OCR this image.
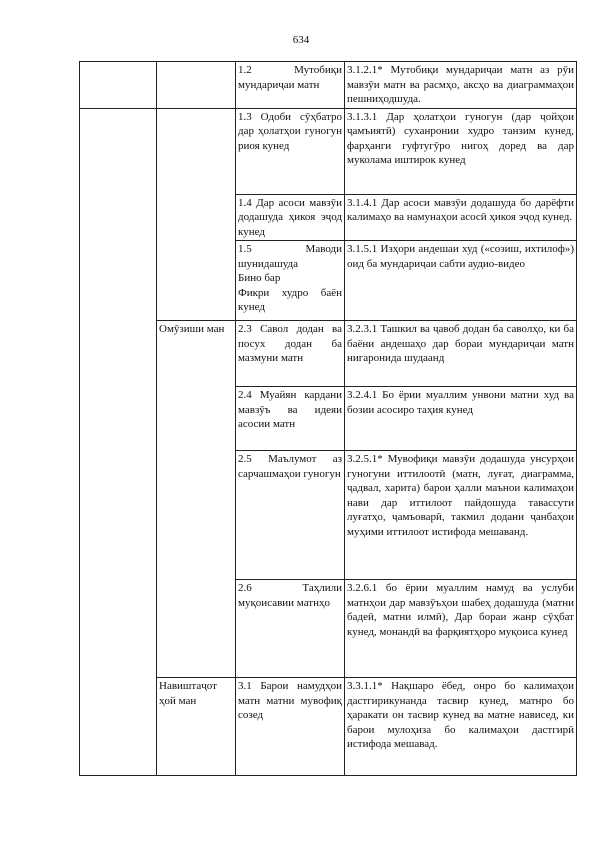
634
		1.2 Мутобиқи мундариҷаи матн	3.1.2.1* Мутобиқи мундариҷаи матн аз рӯи мавзӯи матн ва расмҳо, аксҳо ва диаграммаҳои пешниҳодшуда.
		1.3 Одоби сӯҳбатро дар ҳолатҳои гуногун риоя кунед	3.1.3.1 Дар ҳолатҳои гуногун (дар ҷойҳои ҷамъиятӣ) суханронии худро танзим кунед, фарҳанги гуфтугӯро нигоҳ доред ва дар муколама иштирок кунед
		1.4 Дар асоси мавзӯи додашуда ҳикоя эҷод кунед	3.1.4.1 Дар асоси мавзӯи додашуда бо дарёфти калимаҳо ва намунаҳои асосӣ ҳикоя эҷод кунед.

		1.5 Маводи шунидашуда
Бино бар
Фикри худро баён кунед	3.1.5.1 Изҳори андешаи худ («созиш, ихтилоф») оид ба мундариҷаи сабти аудио-видео
	Омӯзиши ман	2.3 Савол додан ва посух додан ба мазмуни матн	3.2.3.1 Ташкил ва ҷавоб додан ба саволҳо, ки ба баёни андешаҳо дар бораи мундариҷаи матн нигаронида шудаанд
		2.4 Муайян кардани мавзӯъ ва идеяи асосии матн	3.2.4.1 Бо ёрии муаллим унвони матни худ ва бозии асосиро таҳия кунед
		2.5 Маълумот аз сарчашмаҳои гуногун	3.2.5.1* Мувофиқи мавзӯи додашуда унсурҳои гуногуни иттилоотӣ (матн, луғат, диаграмма, ҷадвал, харита) барои ҳалли маънои калимаҳои нави дар иттилоот пайдошуда тавассути луғатҳо, ҷамъоварӣ, такмил додани ҷанбаҳои муҳими иттилоот истифода мешаванд.
		2.6 Таҳлили муқоисавии матнҳо	3.2.6.1 бо ёрии муаллим намуд ва услуби матнҳои дар мавзӯъҳои шабеҳ додашуда (матни бадеӣ, матни илмӣ), Дар бораи жанр сӯҳбат кунед, монандӣ ва фарқиятҳоро муқоиса кунед
	Навиштаҷот ҳой ман	3.1 Барои намудҳои матн матни мувофиқ созед	3.3.1.1* Нақшаро ёбед, онро бо калимаҳои дастгирикунанда тасвир кунед, матнро бо ҳаракати он тасвир кунед ва матне нависед, ки барои мулоҳиза бо калимаҳои дастгирӣ истифода мешавад.
